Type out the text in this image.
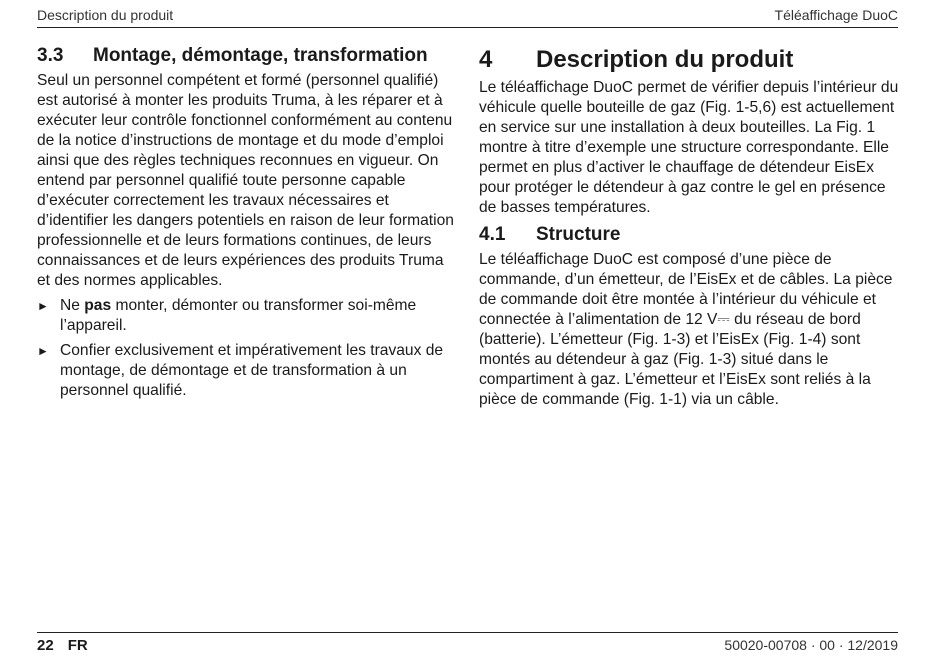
Description du produit	Téléaffichage DuoC
3.3	Montage, démontage, transformation

Seul un personnel compétent et formé (personnel qualifié) est autorisé à monter les produits Truma, à les réparer et à exécuter leur contrôle fonctionnel conformément au contenu de la notice d’instructions de montage et du mode d’emploi ainsi que des règles techniques reconnues en vigueur. On entend par personnel qualifié toute personne capable d’exécuter correctement les travaux nécessaires et d’identifier les dangers potentiels en raison de leur formation professionnelle et de leurs formations continues, de leurs connaissances et de leurs expériences des produits Truma et des normes applicables.

► Ne pas monter, démonter ou transformer soi-même l’appareil.
► Confier exclusivement et impérativement les travaux de montage, de démontage et de transformation à un personnel qualifié.
4	Description du produit

Le téléaffichage DuoC permet de vérifier depuis l’intérieur du véhicule quelle bouteille de gaz (Fig. 1-5,6) est actuellement en service sur une installation à deux bouteilles. La Fig. 1 montre à titre d’exemple une structure correspondante. Elle permet en plus d’activer le chauffage de détendeur EisEx pour protéger le détendeur à gaz contre le gel en présence de basses températures.

4.1	Structure

Le téléaffichage DuoC est composé d’une pièce de commande, d’un émetteur, de l’EisEx et de câbles. La pièce de commande doit être montée à l’intérieur du véhicule et connectée à l’alimentation de 12 V⎓ du réseau de bord (batterie). L’émetteur (Fig. 1-3) et l’EisEx (Fig. 1-4) sont montés au détendeur à gaz (Fig. 1-3) situé dans le compartiment à gaz. L’émetteur et l’EisEx sont reliés à la pièce de commande (Fig. 1-1) via un câble.

22 FR	50020-00708 · 00 · 12/2019
